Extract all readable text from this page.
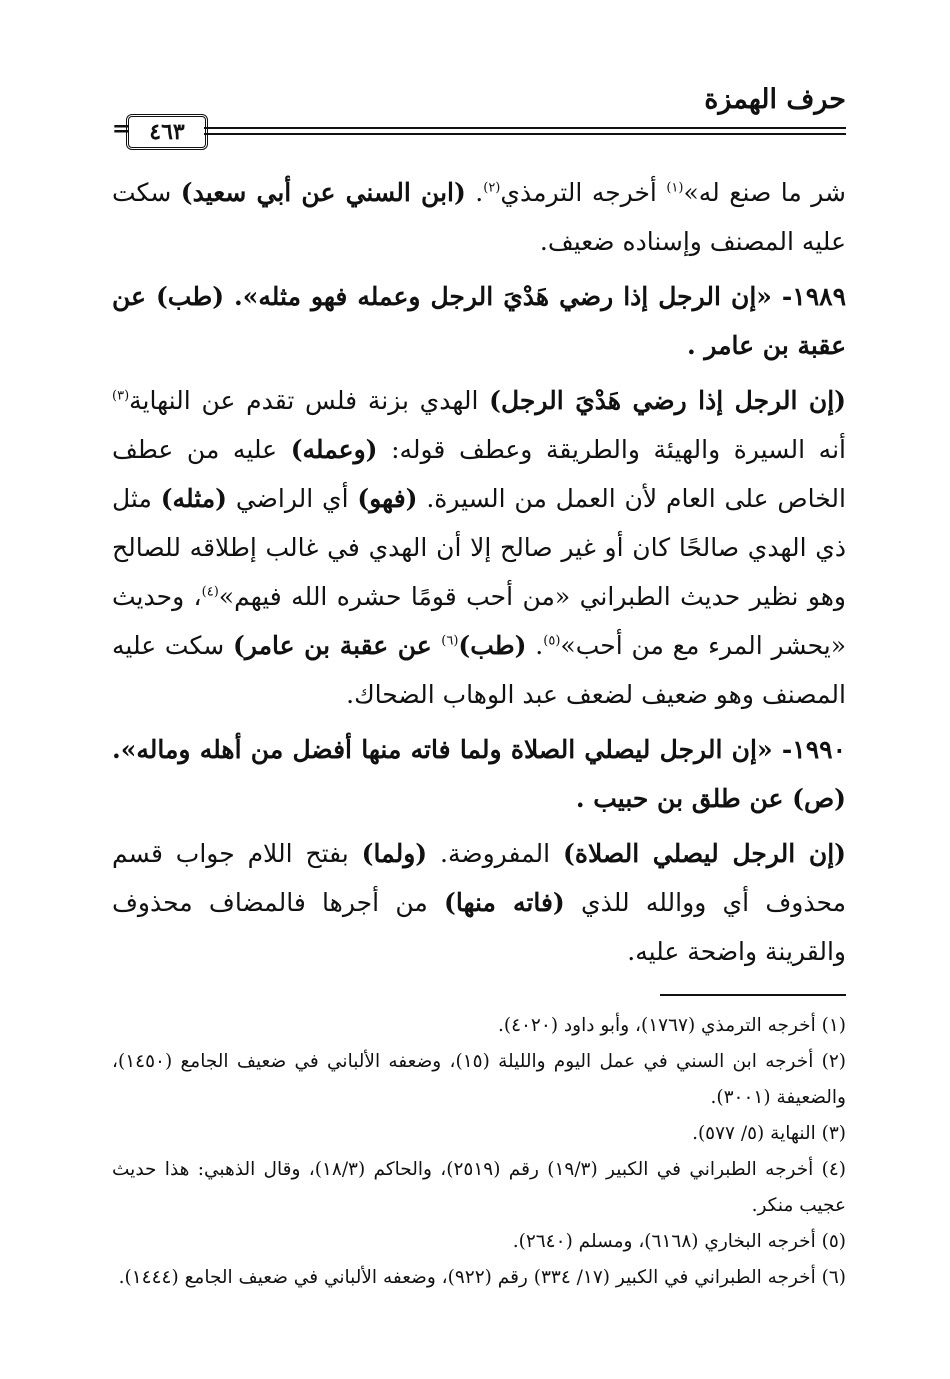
حرف الهمزة
= ٤٦٣

شر ما صنع له»$^{(١)}$ أخرجه الترمذي$^{(٢)}$. (ابن السني عن أبي سعيد) سكت عليه المصنف وإسناده ضعيف.

١٩٨٩- «إن الرجل إذا رضي هَدْيَ الرجل وعمله فهو مثله». (طب) عن عقبة بن عامر .

(إن الرجل إذا رضي هَدْيَ الرجل) الهدي بزنة فلس تقدم عن النهاية$^{(٣)}$ أنه السيرة والهيئة والطريقة وعطف قوله: (وعمله) عليه من عطف الخاص على العام لأن العمل من السيرة. (فهو) أي الراضي (مثله) مثل ذي الهدي صالحًا كان أو غير صالح إلا أن الهدي في غالب إطلاقه للصالح وهو نظير حديث الطبراني «من أحب قومًا حشره الله فيهم»$^{(٤)}$، وحديث «يحشر المرء مع من أحب»$^{(٥)}$. (طب)$^{(٦)}$ عن عقبة بن عامر) سكت عليه المصنف وهو ضعيف لضعف عبد الوهاب الضحاك.

١٩٩٠- «إن الرجل ليصلي الصلاة ولما فاته منها أفضل من أهله وماله». (ص) عن طلق بن حبيب .

(إن الرجل ليصلي الصلاة) المفروضة. (ولما) بفتح اللام جواب قسم محذوف أي ووالله للذي (فاته منها) من أجرها فالمضاف محذوف والقرينة واضحة عليه.

(١) أخرجه الترمذي (١٧٦٧)، وأبو داود (٤٠٢٠).

(٢) أخرجه ابن السني في عمل اليوم والليلة (١٥)، وضعفه الألباني في ضعيف الجامع (١٤٥٠)، والضعيفة (٣٠٠١).

(٣) النهاية (٥/ ٥٧٧).

(٤) أخرجه الطبراني في الكبير (١٩/٣) رقم (٢٥١٩)، والحاكم (١٨/٣)، وقال الذهبي: هذا حديث عجيب منكر.

(٥) أخرجه البخاري (٦١٦٨)، ومسلم (٢٦٤٠).

(٦) أخرجه الطبراني في الكبير (١٧/ ٣٣٤) رقم (٩٢٢)، وضعفه الألباني في ضعيف الجامع (١٤٤٤).
